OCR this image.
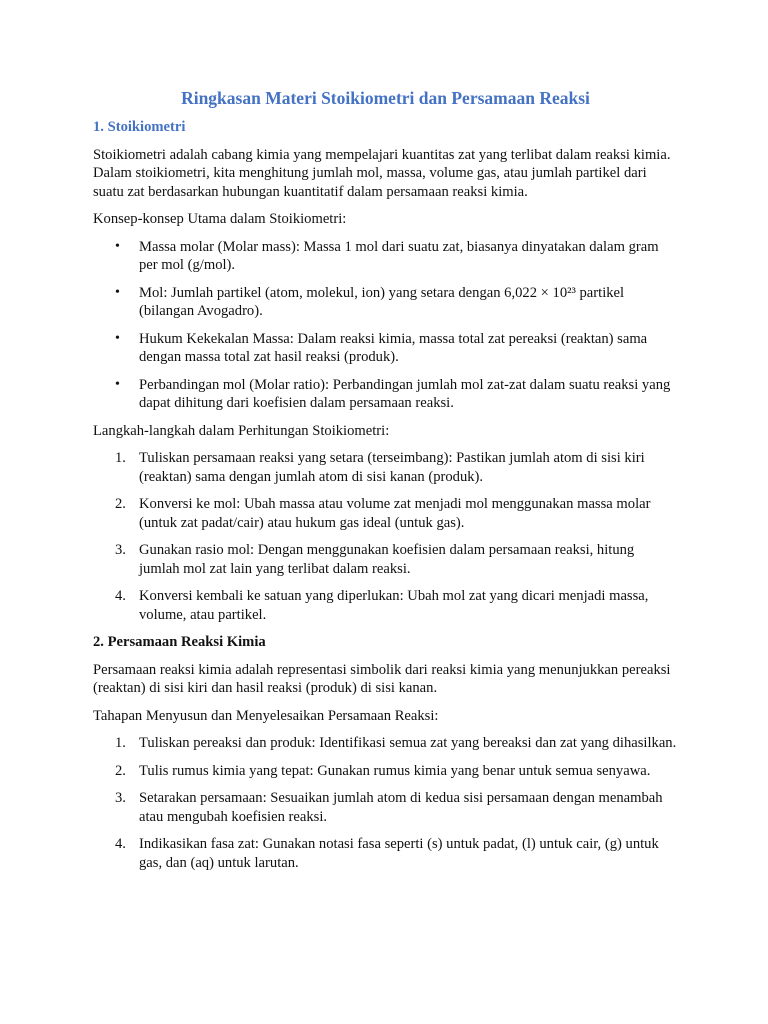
Ringkasan Materi Stoikiometri dan Persamaan Reaksi
1. Stoikiometri

Stoikiometri adalah cabang kimia yang mempelajari kuantitas zat yang terlibat dalam reaksi kimia. Dalam stoikiometri, kita menghitung jumlah mol, massa, volume gas, atau jumlah partikel dari suatu zat berdasarkan hubungan kuantitatif dalam persamaan reaksi kimia.

Konsep-konsep Utama dalam Stoikiometri:

• Massa molar (Molar mass): Massa 1 mol dari suatu zat, biasanya dinyatakan dalam gram per mol (g/mol).
• Mol: Jumlah partikel (atom, molekul, ion) yang setara dengan 6,022 × 10²³ partikel (bilangan Avogadro).
• Hukum Kekekalan Massa: Dalam reaksi kimia, massa total zat pereaksi (reaktan) sama dengan massa total zat hasil reaksi (produk).
• Perbandingan mol (Molar ratio): Perbandingan jumlah mol zat-zat dalam suatu reaksi yang dapat dihitung dari koefisien dalam persamaan reaksi.

Langkah-langkah dalam Perhitungan Stoikiometri:

1. Tuliskan persamaan reaksi yang setara (terseimbang): Pastikan jumlah atom di sisi kiri (reaktan) sama dengan jumlah atom di sisi kanan (produk).
2. Konversi ke mol: Ubah massa atau volume zat menjadi mol menggunakan massa molar (untuk zat padat/cair) atau hukum gas ideal (untuk gas).
3. Gunakan rasio mol: Dengan menggunakan koefisien dalam persamaan reaksi, hitung jumlah mol zat lain yang terlibat dalam reaksi.
4. Konversi kembali ke satuan yang diperlukan: Ubah mol zat yang dicari menjadi massa, volume, atau partikel.
2. Persamaan Reaksi Kimia

Persamaan reaksi kimia adalah representasi simbolik dari reaksi kimia yang menunjukkan pereaksi (reaktan) di sisi kiri dan hasil reaksi (produk) di sisi kanan.

Tahapan Menyusun dan Menyelesaikan Persamaan Reaksi:

1. Tuliskan pereaksi dan produk: Identifikasi semua zat yang bereaksi dan zat yang dihasilkan.
2. Tulis rumus kimia yang tepat: Gunakan rumus kimia yang benar untuk semua senyawa.
3. Setarakan persamaan: Sesuaikan jumlah atom di kedua sisi persamaan dengan menambah atau mengubah koefisien reaksi.
4. Indikasikan fasa zat: Gunakan notasi fasa seperti (s) untuk padat, (l) untuk cair, (g) untuk gas, dan (aq) untuk larutan.
